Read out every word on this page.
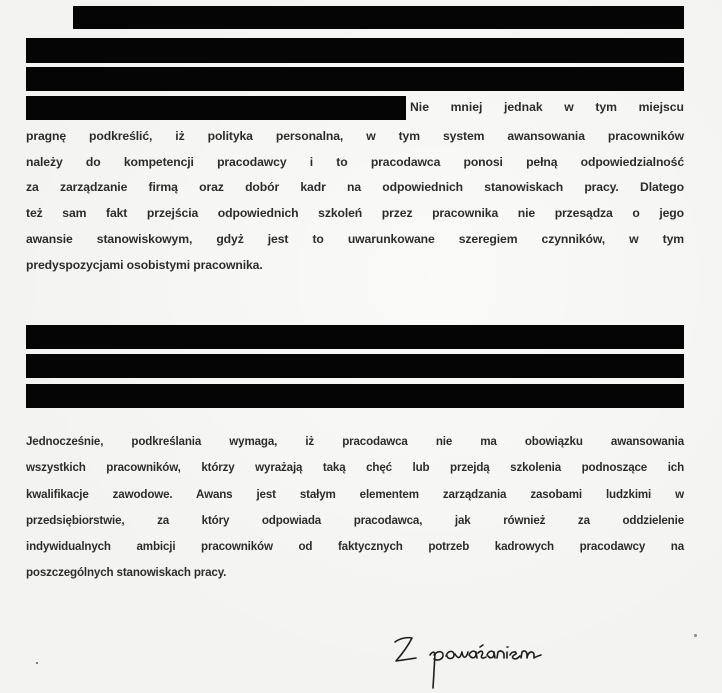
Nie mniej jednak w tym miejscu
pragnę podkreślić, iż polityka personalna, w tym system awansowania pracowników
należy do kompetencji pracodawcy i to pracodawca ponosi pełną odpowiedzialność
za zarządzanie firmą oraz dobór kadr na odpowiednich stanowiskach pracy. Dlatego
też sam fakt przejścia odpowiednich szkoleń przez pracownika nie przesądza o jego
awansie stanowiskowym, gdyż jest to uwarunkowane szeregiem czynników, w tym
predyspozycjami osobistymi pracownika.
Jednocześnie, podkreślania wymaga, iż pracodawca nie ma obowiązku awansowania
wszystkich pracowników, którzy wyrażają taką chęć lub przejdą szkolenia podnoszące ich
kwalifikacje zawodowe. Awans jest stałym elementem zarządzania zasobami ludzkimi w
przedsiębiorstwie, za który odpowiada pracodawca, jak również za oddzielenie
indywidualnych ambicji pracowników od faktycznych potrzeb kadrowych pracodawcy na
poszczególnych stanowiskach pracy.
